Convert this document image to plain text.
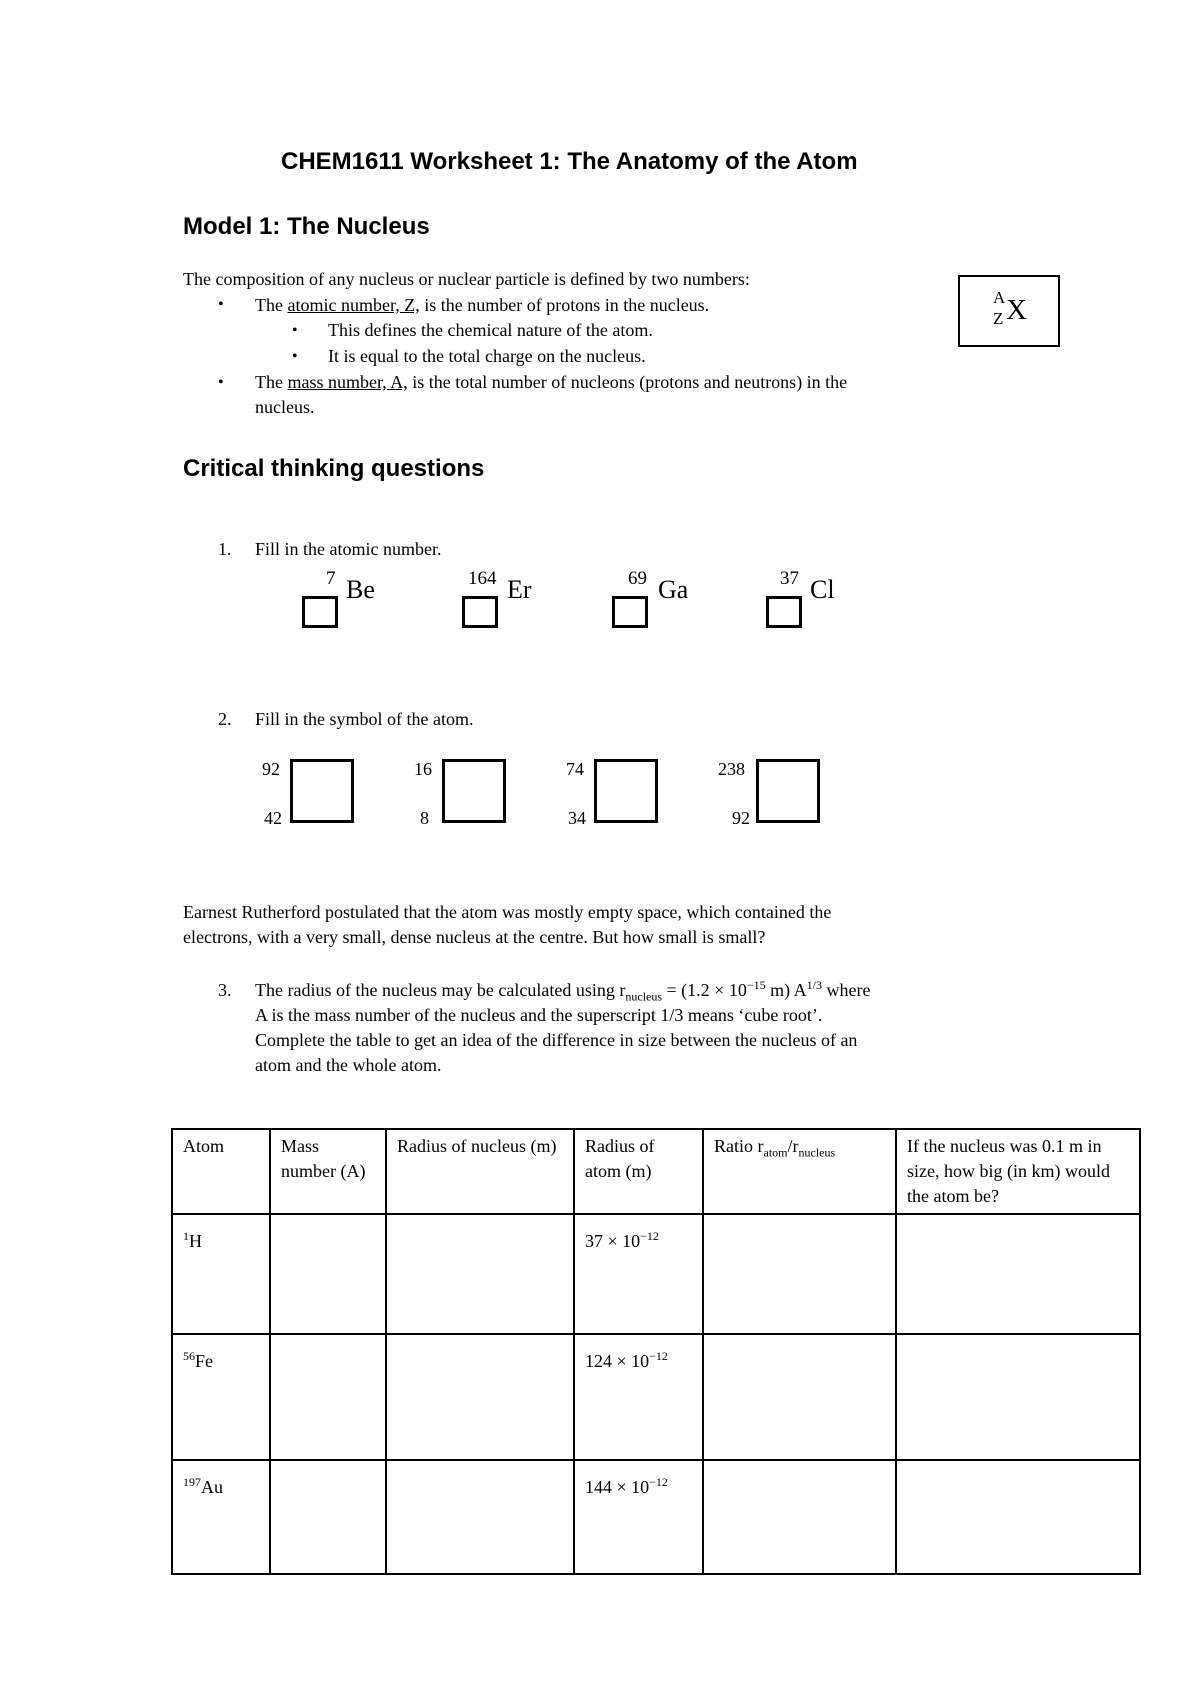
CHEM1611 Worksheet 1: The Anatomy of the Atom
Model 1: The Nucleus
The composition of any nucleus or nuclear particle is defined by two numbers:
• The atomic number, Z, is the number of protons in the nucleus.
• This defines the chemical nature of the atom.
• It is equal to the total charge on the nucleus.
• The mass number, A, is the total number of nucleons (protons and neutrons) in the
nucleus.
A
Z X
Critical thinking questions
1. Fill in the atomic number.
7 Be	164 Er	69 Ga	37 Cl
2. Fill in the symbol of the atom.
92
42
16
8
74
34
238
92
Earnest Rutherford postulated that the atom was mostly empty space, which contained the
electrons, with a very small, dense nucleus at the centre. But how small is small?
3. The radius of the nucleus may be calculated using $r_{nucleus} = (1.2 \times 10^{-15}$ m) $A^{1/3}$ where
A is the mass number of the nucleus and the superscript 1/3 means ‘cube root’.
Complete the table to get an idea of the difference in size between the nucleus of an
atom and the whole atom.
Atom	Mass number (A)	Radius of nucleus (m)	Radius of atom (m)	Ratio $r_{atom}/r_{nucleus}$	If the nucleus was 0.1 m in size, how big (in km) would the atom be?
$^1$H			$37 \times 10^{-12}$		
$^{56}$Fe			$124 \times 10^{-12}$		
$^{197}$Au			$144 \times 10^{-12}$		
